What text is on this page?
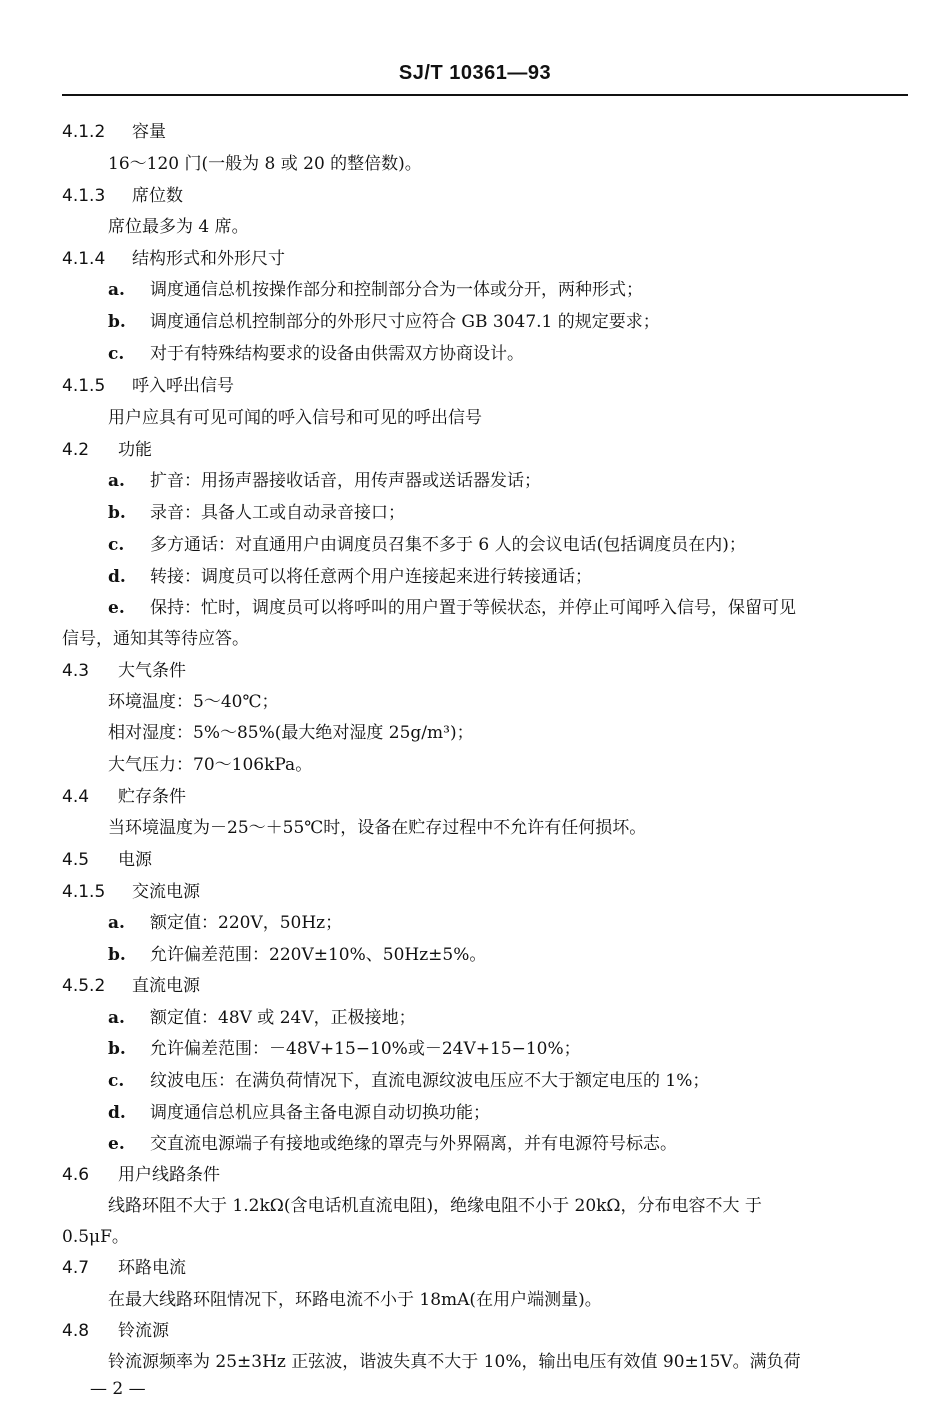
SJ/T 10361—93
4.1.2 容量
16～120 门(一般为 8 或 20 的整倍数)。
4.1.3 席位数
席位最多为 4 席。
4.1.4 结构形式和外形尺寸
a. 调度通信总机按操作部分和控制部分合为一体或分开，两种形式；
b. 调度通信总机控制部分的外形尺寸应符合 GB 3047.1 的规定要求；
c. 对于有特殊结构要求的设备由供需双方协商设计。
4.1.5 呼入呼出信号
用户应具有可见可闻的呼入信号和可见的呼出信号
4.2 功能
a. 扩音：用扬声器接收话音，用传声器或送话器发话；
b. 录音：具备人工或自动录音接口；
c. 多方通话：对直通用户由调度员召集不多于 6 人的会议电话(包括调度员在内)；
d. 转接：调度员可以将任意两个用户连接起来进行转接通话；
e. 保持：忙时，调度员可以将呼叫的用户置于等候状态，并停止可闻呼入信号，保留可见
信号，通知其等待应答。
4.3 大气条件
环境温度：5～40℃；
相对湿度：5%～85%(最大绝对湿度 25g/m³)；
大气压力：70～106kPa。
4.4 贮存条件
当环境温度为－25～＋55℃时，设备在贮存过程中不允许有任何损坏。
4.5 电源
4.1.5 交流电源
a. 额定值：220V，50Hz；
b. 允许偏差范围：220V±10%、50Hz±5%。
4.5.2 直流电源
a. 额定值：48V 或 24V，正极接地；
b. 允许偏差范围：－48V+15−10%或－24V+15−10%；
c. 纹波电压：在满负荷情况下，直流电源纹波电压应不大于额定电压的 1%；
d. 调度通信总机应具备主备电源自动切换功能；
e. 交直流电源端子有接地或绝缘的罩壳与外界隔离，并有电源符号标志。
4.6 用户线路条件
线路环阻不大于 1.2kΩ(含电话机直流电阻)，绝缘电阻不小于 20kΩ，分布电容不大 于
0.5μF。
4.7 环路电流
在最大线路环阻情况下，环路电流不小于 18mA(在用户端测量)。
4.8 铃流源
铃流源频率为 25±3Hz 正弦波，谐波失真不大于 10%，输出电压有效值 90±15V。满负荷
— 2 —
